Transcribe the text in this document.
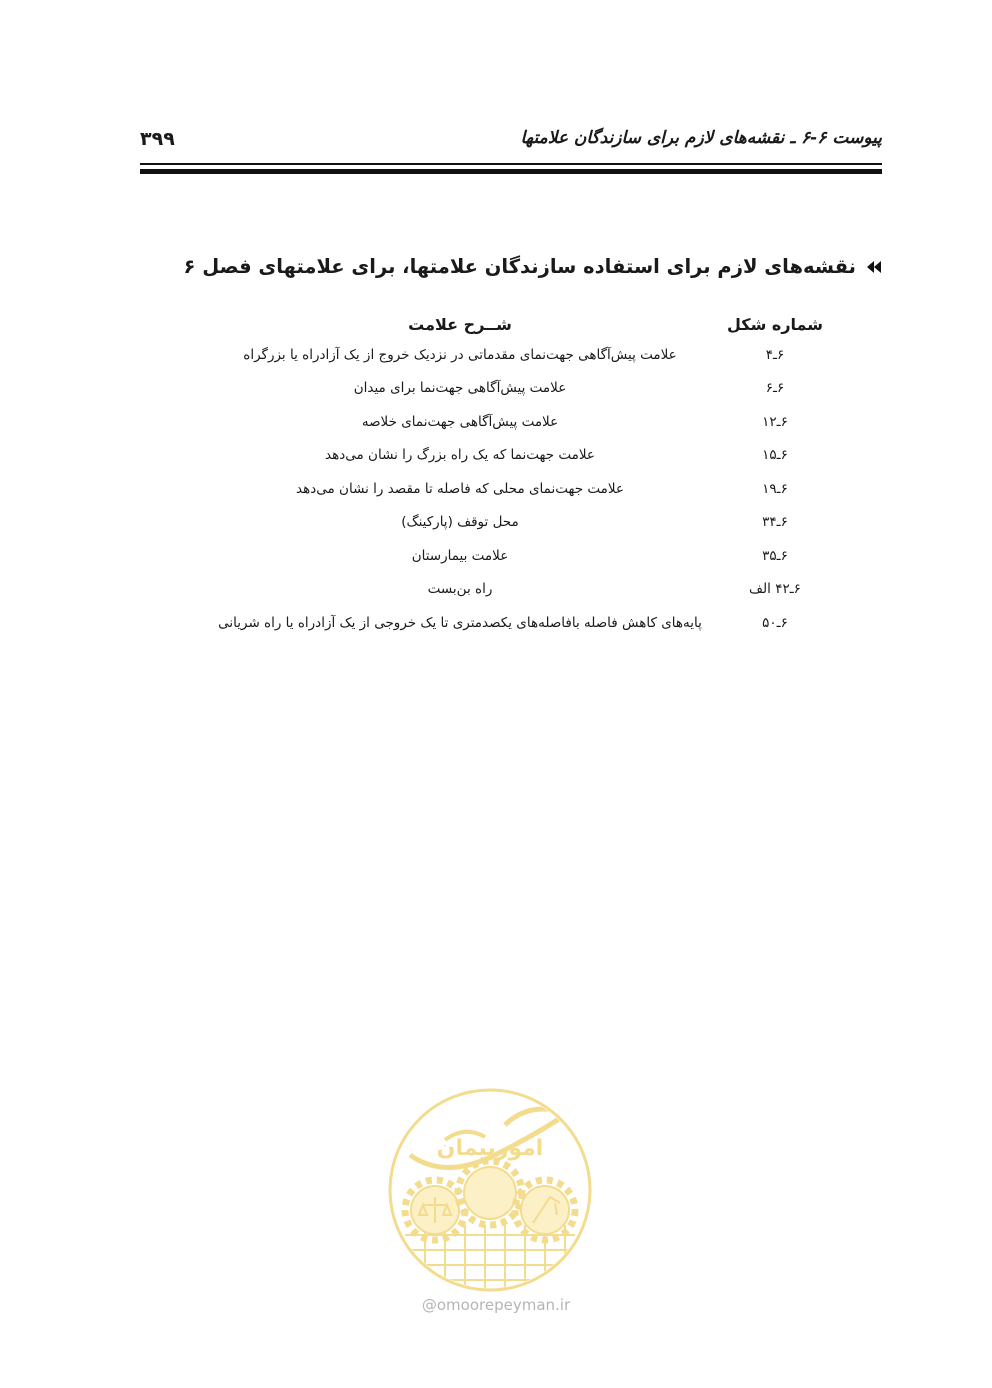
۳۹۹	پیوست ۶-۶ ـ نقشه‌های لازم برای سازندگان علامتها
نقشه‌های لازم برای استفاده سازندگان علامتها، برای علامتهای فصل ۶
شماره شکل
شــرح علامت
۶ـ۴
علامت پیش‌آگاهی جهت‌نمای مقدماتی در نزدیک خروج از یک آزادراه یا بزرگراه
۶ـ۶
علامت پیش‌آگاهی جهت‌نما برای میدان
۶ـ۱۲
علامت پیش‌آگاهی جهت‌نمای خلاصه
۶ـ۱۵
علامت جهت‌نما که یک راه بزرگ را نشان می‌دهد
۶ـ۱۹
علامت جهت‌نمای محلی که فاصله تا مقصد را نشان می‌دهد
۶ـ۳۴
محل توقف (پارکینگ)
۶ـ۳۵
علامت بیمارستان
۶ـ۴۲ الف
راه بن‌بست
۶ـ۵۰
پایه‌های کاهش فاصله بافاصله‌های یکصدمتری تا یک خروجی از یک آزادراه یا راه شریانی
امورپیمان
@omoorepeyman.ir
